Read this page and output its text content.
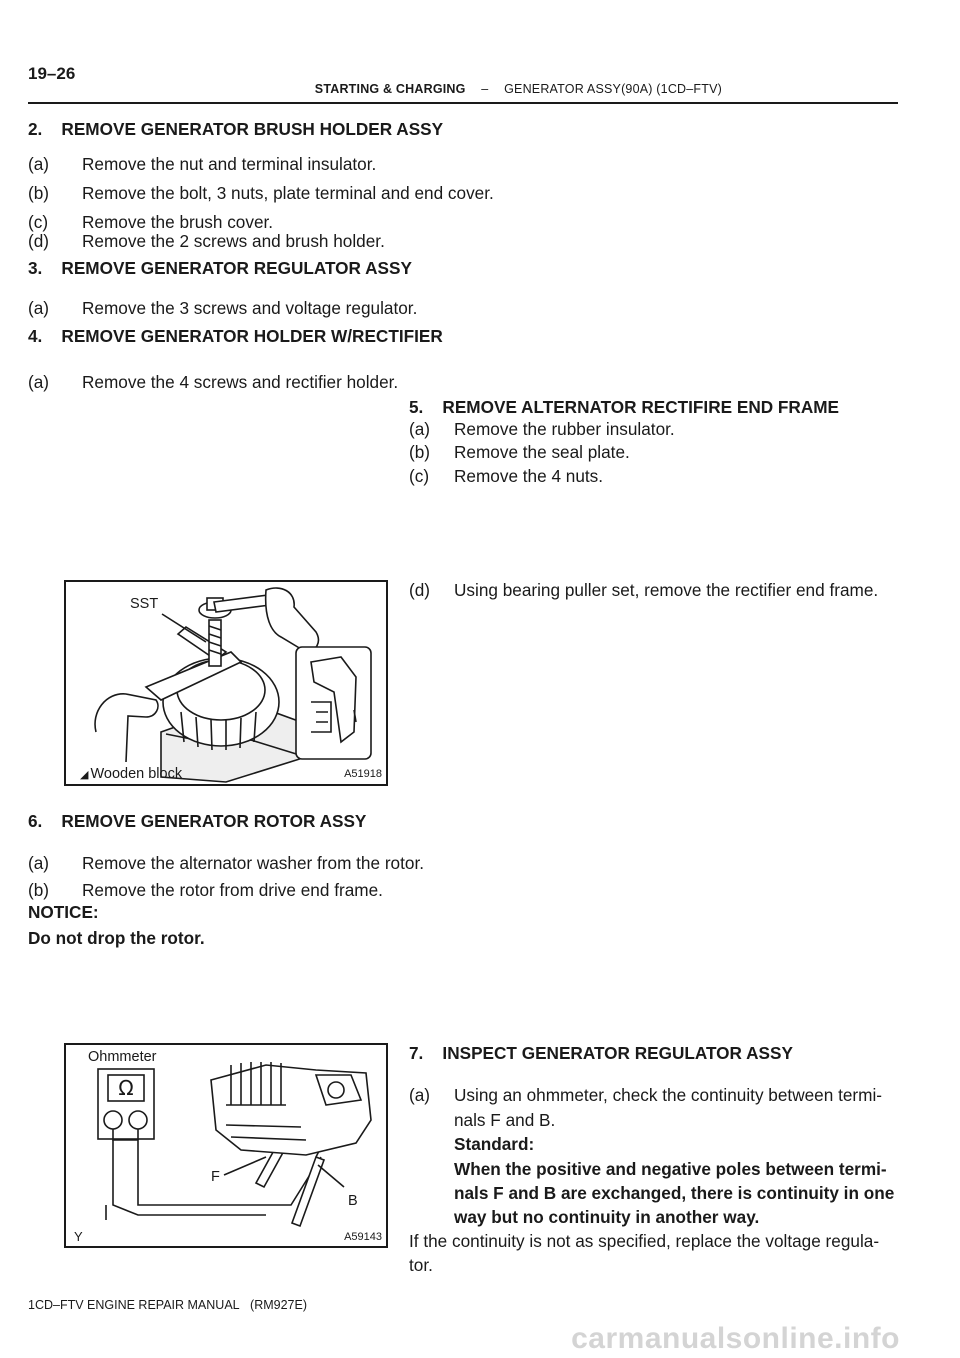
19–26
STARTING & CHARGING – GENERATOR ASSY(90A) (1CD–FTV)
2.    REMOVE GENERATOR BRUSH HOLDER ASSY
(a) Remove the nut and terminal insulator.
(b) Remove the bolt, 3 nuts, plate terminal and end cover.
(c) Remove the brush cover.
(d) Remove the 2 screws and brush holder.
3.    REMOVE GENERATOR REGULATOR ASSY
(a) Remove the 3 screws and voltage regulator.
4.    REMOVE GENERATOR HOLDER W/RECTIFIER
(a) Remove the 4 screws and rectifier holder.
5.    REMOVE ALTERNATOR RECTIFIRE END FRAME
(a) Remove the rubber insulator.
(b) Remove the seal plate.
(c) Remove the 4 nuts.
(d) Using bearing puller set, remove the rectifier end frame.
SST
◢ Wooden block	A51918
6.    REMOVE GENERATOR ROTOR ASSY
(a) Remove the alternator washer from the rotor.
(b) Remove the rotor from drive end frame.
NOTICE:
Do not drop the rotor.
Ω
Ohmmeter
F
B
Y	A59143
7.    INSPECT GENERATOR REGULATOR ASSY
(a) Using an ohmmeter, check the continuity between termi-
nals F and B.
Standard:
When the positive and negative poles between termi-
nals F and B are exchanged, there is continuity in one
way but no continuity in another way.
If the continuity is not as specified, replace the voltage regula-
tor.
1CD–FTV ENGINE REPAIR MANUAL   (RM927E)
carmanualsonline.info
